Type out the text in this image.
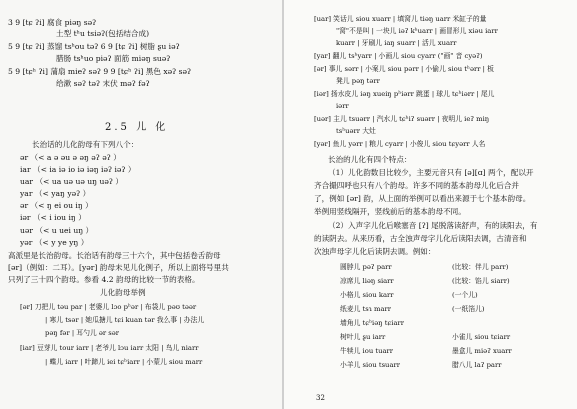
3 9 [tɕ ʔi] 腐食 piəŋ səʔ
土型 tʰu tsiəʔ(包括结合成)
5 9 [tɕ ʔi] 蒸馏 tsʰou təʔ 6 9 [tɕ ʔi] 树脂 ʂu iəʔ
腊肠 tsʰuo piəʔ 面筋 miəŋ suəʔ
5 9 [tɕʰ ʔi] 蒲扇 mieʔ səʔ 9 9 [tɕʰ ʔi] 黑色 xəʔ səʔ
给漱 səʔ təʔ 末伏 məʔ fəʔ
2.5 儿 化
长治话的儿化韵母有下列八个：
ər （< a ə əu ə əŋ əʔ əʔ ）
iar （< ia iə io iə iəŋ iəʔ iəʔ ）
uar （< ua uə uə uŋ uəʔ ）
yar （< yaŋ yəʔ ）
ər （< ŋ ei ou iŋ ）
iər （< i iou iŋ ）
uər （< u uei uŋ ）
yər （< y ye yŋ ）
高派里是长治韵母。长治话有韵母三十六个，其中包括卷舌韵母
[ər]（例如：二耳）。[yər] 韵母未见儿化例子，所以上面将号里共
只列了三十四个韵母。参看 4.2 韵母的比较一节的表格。
儿化韵母举例
[ər] 刀把儿 təu par | 老婆儿 lɔo pʰər | 布袋儿 pəʊ təər
| 寒儿 tsər | 她瓜搪儿 tɕi kuan tər 我么事 | 办法儿
pəŋ fər | 耳勺儿 ər sər
[iar] 豆芽儿 tour iarr | 老爷儿 lɔu iarr 太阳 | 鸟儿 niarr
| 蝶儿 iarr | 叶蹄儿 iei tɕʰiarr | 小蒙儿 siou marr
[uar] 笑话儿 siou xuarr | 填窝儿 tiəŋ uarr 米缸子的量
"窝"不是叫 | 一块儿 iəʔ kʰuarr | 画冒形儿 xiəu iarr
kuarr | 牙刷儿 iaŋ suarr | 活儿 xuarr
[yar] 翻儿 tsʰyarr | 小画儿 siou cyarr ("画" 音 cyəʔ)
[ər] 事儿 sərr | 小案儿 siou pərr | 小偷儿 siou tʰərr | 板
凳儿 pəŋ tərr
[iər] 扬水皮儿 iəŋ xueiŋ pʰiərr 跳蛋 | 球儿 tɕʰiərr | 尾儿
iərr
[uər] 主儿 tsuərr | 汽水儿 tɕʰiʔ suərr | 夜明儿 ieʔ miŋ
tsʰuərr 大灶
[yər] 鱼儿 yərr | 粮儿 cyarr | 小俊儿 siou tɕyərr 人名
长治的儿化有四个特点：
（1）儿化韵数目比较少，主要元音只有 [ə][ɑ] 两个，配以开
齐合撮四呼也只有八个韵母。许多不同的基本韵母儿化后合并
了，例如 [ər] 韵，从上面的举例可以看出来源于七个基本韵母。
举例用竖线隔开，竖线前后的基本韵母不同。
（2）入声字儿化后喉塞音 [ʔ] 尾脱落读舒声，有的读阳去，有
的读阴去。从来历看，古全浊声母字儿化后读阳去调，古清音和
次浊声母字儿化后读阴去调。例如：
圆脖儿 pəʔ parr	(比较：伴儿 parr)
凉席儿 liəŋ siarr	(比较：馅儿 siarr)
小格儿 siou karr	(一个儿)
纸麦儿 tsɿ marr	(一纸箔儿)
墙角儿 tɕʰiəŋ tɕiarr
树叶儿 ʂu iarr	小雀儿 siou tɕiarr
牛犊儿 iou tuarr	墨盒儿 miəʔ xuarr
小羊儿 siou tsuarr	腊八儿 laʔ parr
32
